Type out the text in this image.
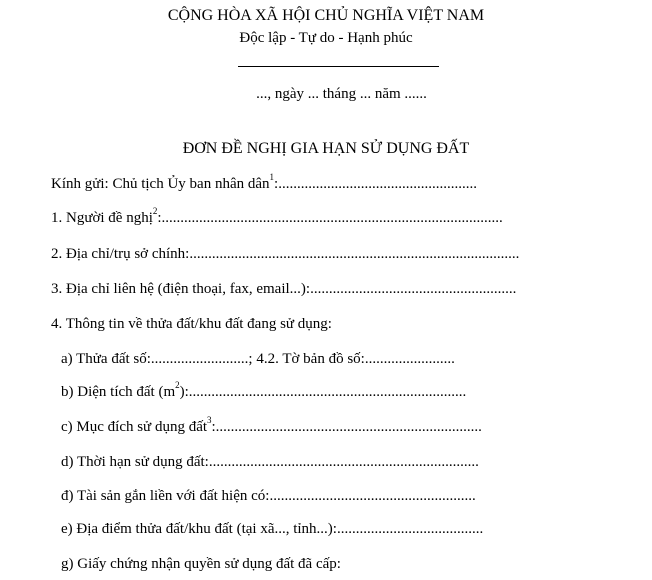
CỘNG HÒA XÃ HỘI CHỦ NGHĨA VIỆT NAM
Độc lập - Tự do - Hạnh phúc
..., ngày ... tháng ... năm ......
ĐƠN ĐỀ NGHỊ GIA HẠN SỬ DỤNG ĐẤT
Kính gửi: Chủ tịch Ủy ban nhân dân$^1$:.....................................................
1. Người đề nghị$^2$:...........................................................................................
2. Địa chỉ/trụ sở chính:........................................................................................
3. Địa chỉ liên hệ (điện thoại, fax, email...):.......................................................
4. Thông tin về thửa đất/khu đất đang sử dụng:
a) Thửa đất số:..........................; 4.2. Tờ bản đồ số:........................
b) Diện tích đất $(m^2)$:..........................................................................
c) Mục đích sử dụng đất$^3$:.......................................................................
d) Thời hạn sử dụng đất:........................................................................
đ) Tài sản gắn liền với đất hiện có:.......................................................
e) Địa điểm thửa đất/khu đất (tại xã..., tỉnh...):.......................................
g) Giấy chứng nhận quyền sử dụng đất đã cấp:
